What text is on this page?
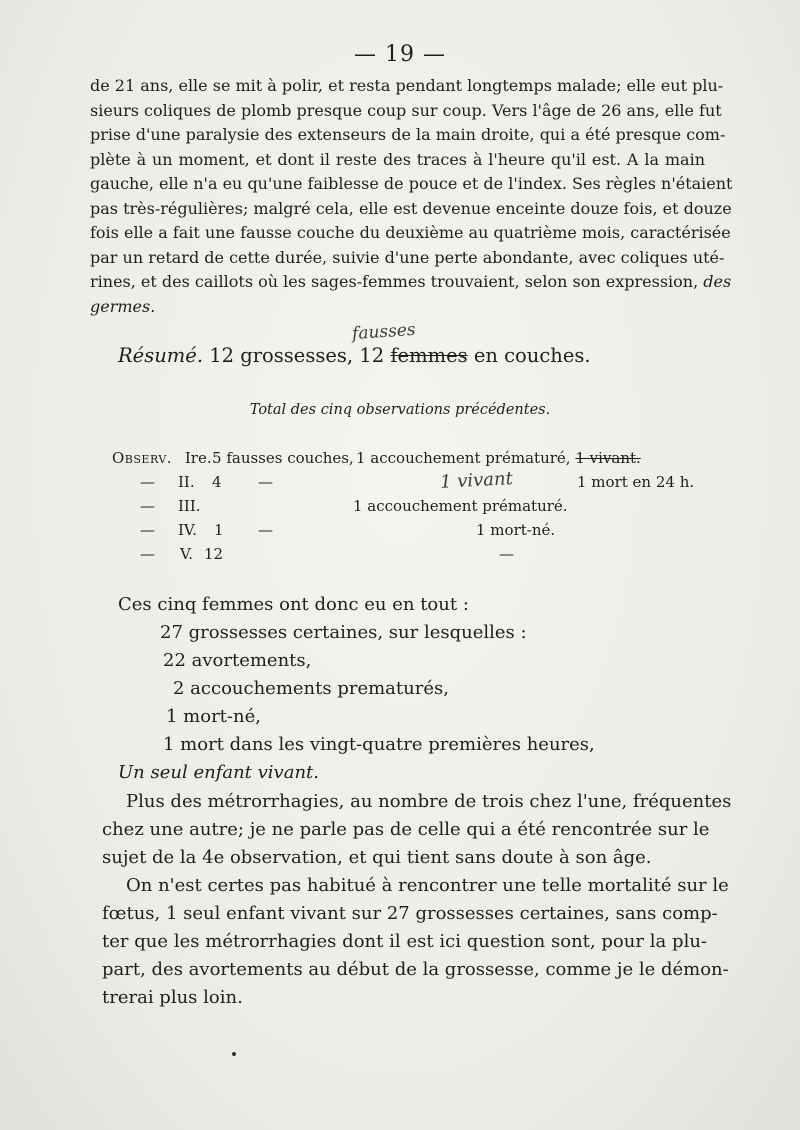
— 19 —
de 21 ans, elle se mit à polir, et resta pendant longtemps malade; elle eut plu-
sieurs coliques de plomb presque coup sur coup. Vers l'âge de 26 ans, elle fut
prise d'une paralysie des extenseurs de la main droite, qui a été presque com-
plète à un moment, et dont il reste des traces à l'heure qu'il est. A la main
gauche, elle n'a eu qu'une faiblesse de pouce et de l'index. Ses règles n'étaient
pas très-régulières; malgré cela, elle est devenue enceinte douze fois, et douze
fois elle a fait une fausse couche du deuxième au quatrième mois, caractérisée
par un retard de cette durée, suivie d'une perte abondante, avec coliques uté-
rines, et des caillots où les sages-femmes trouvaient, selon son expression, des
germes.
fausses
Résumé. 12 grossesses, 12 femmes en couches.
Total des cinq observations précédentes.
Observ. Ire. 5 fausses couches, 1 accouchement prématuré, 1 vivant.
— II. 4 —	1 vivant	1 mort en 24 h.
— III.	1 accouchement prématuré.
— IV. 1 —	1 mort-né.
— V. 12	—
Ces cinq femmes ont donc eu en tout :
27 grossesses certaines, sur lesquelles :
22 avortements,
2 accouchements prematurés,
1 mort-né,
1 mort dans les vingt-quatre premières heures,
Un seul enfant vivant.
Plus des métrorrhagies, au nombre de trois chez l'une, fréquentes
chez une autre; je ne parle pas de celle qui a été rencontrée sur le
sujet de la 4e observation, et qui tient sans doute à son âge.
On n'est certes pas habitué à rencontrer une telle mortalité sur le
fœtus, 1 seul enfant vivant sur 27 grossesses certaines, sans comp-
ter que les métrorrhagies dont il est ici question sont, pour la plu-
part, des avortements au début de la grossesse, comme je le démon-
trerai plus loin.
